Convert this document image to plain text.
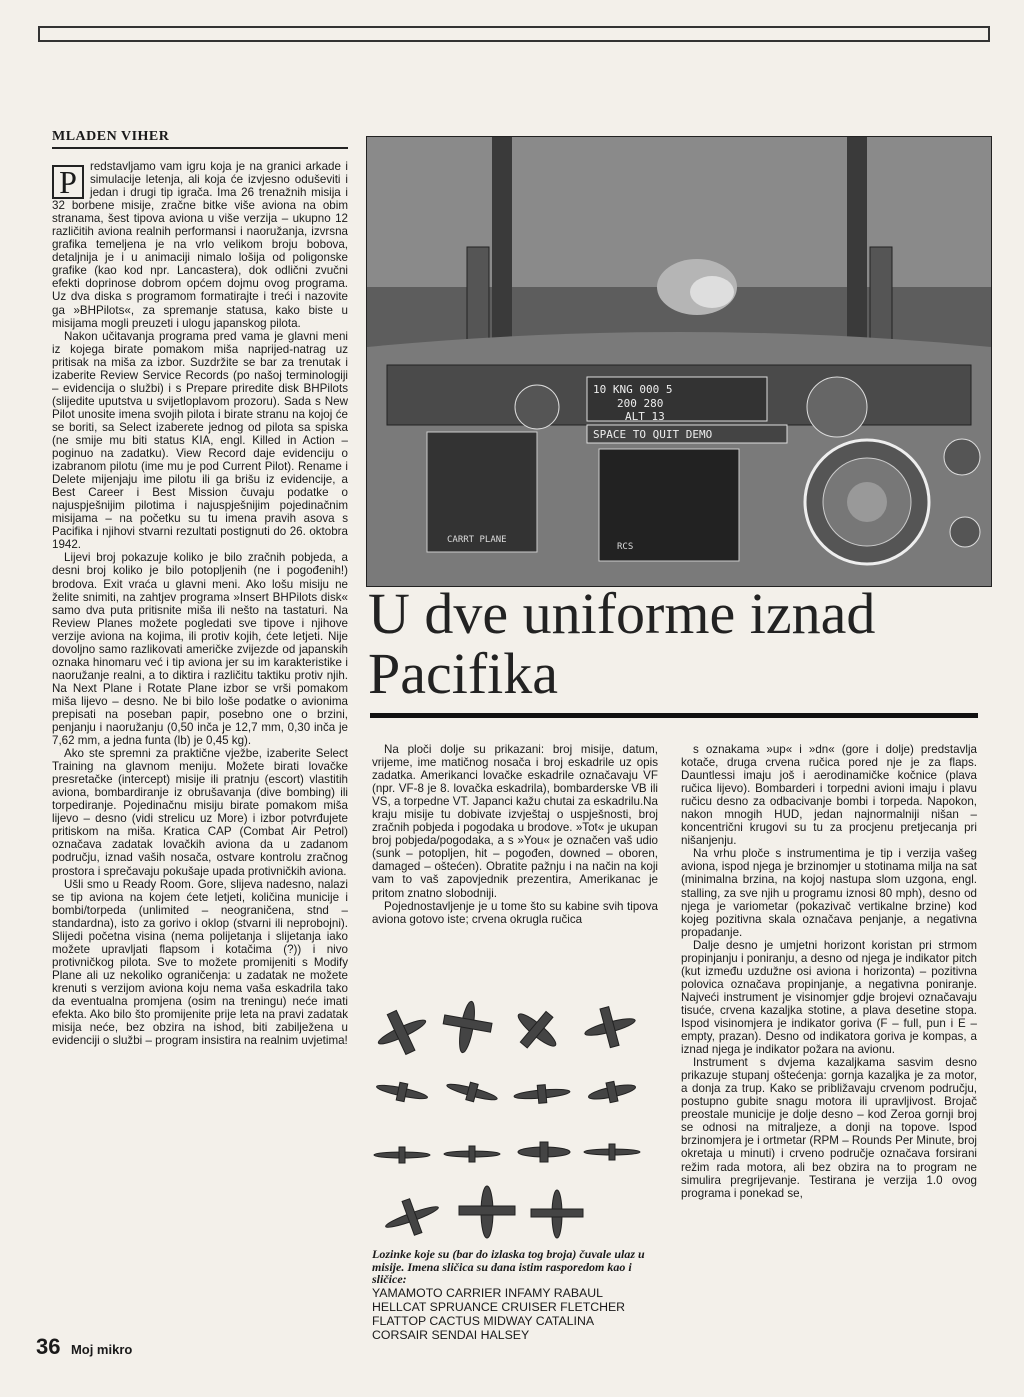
MLADEN VIHER

P	redstavljamo vam igru koja je na granici arkade i simulacije letenja, ali koja će izvjesno oduševiti i jedan i drugi tip igrača. Ima 26 trenažnih misija i 32 borbene misije, zračne bitke više aviona na obim stranama, šest tipova aviona u više verzija – ukupno 12 različitih aviona realnih performansi i naoružanja, izvrsna grafika temeljena je na vrlo velikom broju bobova, detaljnija je i u animaciji nimalo lošija od poligonske grafike (kao kod npr. Lancastera), dok odlični zvučni efekti doprinose dobrom općem dojmu ovog programa. Uz dva diska s programom formatirajte i treći i nazovite ga »BHPilots«, za spremanje statusa, kako biste u misijama mogli preuzeti i ulogu japanskog pilota.

Nakon učitavanja programa pred vama je glavni meni iz kojega birate pomakom miša naprijed-natrag uz pritisak na miša za izbor. Suzdržite se bar za trenutak i izaberite Review Service Records (po našoj terminologiji – evidencija o službi) i s Prepare priredite disk BHPilots (slijedite uputstva u svijetloplavom prozoru). Sada s New Pilot unosite imena svojih pilota i birate stranu na kojoj će se boriti, sa Select izaberete jednog od pilota sa spiska (ne smije mu biti status KIA, engl. Killed in Action – poginuo na zadatku). View Record daje evidenciju o izabranom pilotu (ime mu je pod Current Pilot). Rename i Delete mijenjaju ime pilotu ili ga brišu iz evidencije, a Best Career i Best Mission čuvaju podatke o najuspješnijim pilotima i najuspješnijim pojedinačnim misijama – na početku su tu imena pravih asova s Pacifika i njihovi stvarni rezultati postignuti do 26. oktobra 1942.

Lijevi broj pokazuje koliko je bilo zračnih pobjeda, a desni broj koliko je bilo potopljenih (ne i pogođenih!) brodova. Exit vraća u glavni meni. Ako lošu misiju ne želite snimiti, na zahtjev programa »Insert BHPilots disk« samo dva puta pritisnite miša ili nešto na tastaturi. Na Review Planes možete pogledati sve tipove i njihove verzije aviona na kojima, ili protiv kojih, ćete letjeti. Nije dovoljno samo razlikovati američke zvijezde od japanskih oznaka hinomaru već i tip aviona jer su im karakteristike i naoružanje realni, a to diktira i različitu taktiku protiv njih. Na Next Plane i Rotate Plane izbor se vrši pomakom miša lijevo – desno. Ne bi bilo loše podatke o avionima prepisati na poseban papir, posebno one o brzini, penjanju i naoružanju (0,50 inča je 12,7 mm, 0,30 inča je 7,62 mm, a jedna funta (lb) je 0,45 kg).

Ako ste spremni za praktične vježbe, izaberite Select Training na glavnom meniju. Možete birati lovačke presretačke (intercept) misije ili pratnju (escort) vlastitih aviona, bombardiranje iz obrušavanja (dive bombing) ili torpediranje. Pojedinačnu misiju birate pomakom miša lijevo – desno (vidi strelicu uz More) i izbor potvrđujete pritiskom na miša. Kratica CAP (Combat Air Petrol) označava zadatak lovačkih aviona da u zadanom području, iznad vaših nosača, ostvare kontrolu zračnog prostora i sprečavaju pokušaje upada protivničkih aviona.

Ušli smo u Ready Room. Gore, slijeva nadesno, nalazi se tip aviona na kojem ćete letjeti, količina municije i bombi/torpeda (unlimited – neograničena, stnd – standardna), isto za gorivo i oklop (stvarni ili neprobojni). Slijedi početna visina (nema polijetanja i slijetanja iako možete upravljati flapsom i kotačima (?)) i nivo protivničkog pilota. Sve to možete promijeniti s Modify Plane ali uz nekoliko ograničenja: u zadatak ne možete krenuti s verzijom aviona koju nema vaša eskadrila tako da eventualna promjena (osim na treningu) neće imati efekta. Ako bilo što promijenite prije leta na pravi zadatak misija neće, bez obzira na ishod, biti zabilježena u evidenciji o službi – program insistira na realnim uvjetima!

10 KNG 000 5
200 280
ALT 13
SPACE TO QUIT DEMO
CARRT PLANE
RCS
U dve uniforme iznad Pacifika

Na ploči dolje su prikazani: broj misije, datum, vrijeme, ime matičnog nosača i broj eskadrile uz opis zadatka. Amerikanci lovačke eskadrile označavaju VF (npr. VF-8 je 8. lovačka eskadrila), bombarderske VB ili VS, a torpedne VT. Japanci kažu chutai za eskadrilu.Na kraju misije tu dobivate izvještaj o uspješnosti, broj zračnih pobjeda i pogodaka u brodove. »Tot« je ukupan broj pobjeda/pogodaka, a s »You« je označen vaš udio (sunk – potopljen, hit – pogođen, downed – oboren, damaged – oštećen). Obratite pažnju i na način na koji vam to vaš zapovjednik prezentira, Amerikanac je pritom znatno slobodniji.

Pojednostavljenje je u tome što su kabine svih tipova aviona gotovo iste; crvena okrugla ručica

Lozinke koje su (bar do izlaska tog broja) čuvale ulaz u misije. Imena sličica su dana istim rasporedom kao i sličice:
YAMAMOTO CARRIER INFAMY RABAUL
HELLCAT SPRUANCE CRUISER FLETCHER
FLATTOP CACTUS MIDWAY CATALINA
CORSAIR SENDAI HALSEY

s oznakama »up« i »dn« (gore i dolje) predstavlja kotače, druga crvena ručica pored nje je za flaps. Dauntlessi imaju još i aerodinamičke kočnice (plava ručica lijevo). Bombarderi i torpedni avioni imaju i plavu ručicu desno za odbacivanje bombi i torpeda. Napokon, nakon mnogih HUD, jedan najnormalniji nišan – koncentrični krugovi su tu za procjenu pretjecanja pri nišanjenju.

Na vrhu ploče s instrumentima je tip i verzija vašeg aviona, ispod njega je brzinomjer u stotinama milja na sat (minimalna brzina, na kojoj nastupa slom uzgona, engl. stalling, za sve njih u programu iznosi 80 mph), desno od njega je variometar (pokazivač vertikalne brzine) kod kojeg pozitivna skala označava penjanje, a negativna propadanje.

Dalje desno je umjetni horizont koristan pri strmom propinjanju i poniranju, a desno od njega je indikator pitch (kut između uzdužne osi aviona i horizonta) – pozitivna polovica označava propinjanje, a negativna poniranje. Najveći instrument je visinomjer gdje brojevi označavaju tisuće, crvena kazaljka stotine, a plava desetine stopa. Ispod visinomjera je indikator goriva (F – full, pun i E – empty, prazan). Desno od indikatora goriva je kompas, a iznad njega je indikator požara na avionu.

Instrument s dvjema kazaljkama sasvim desno prikazuje stupanj oštećenja: gornja kazaljka je za motor, a donja za trup. Kako se približavaju crvenom području, postupno gubite snagu motora ili upravljivost. Brojač preostale municije je dolje desno – kod Zeroa gornji broj se odnosi na mitraljeze, a donji na topove. Ispod brzinomjera je i ortmetar (RPM – Rounds Per Minute, broj okretaja u minuti) i crveno područje označava forsirani režim rada motora, ali bez obzira na to program ne simulira pregrijevanje. Testirana je verzija 1.0 ovog programa i ponekad se,

36 Moj mikro
